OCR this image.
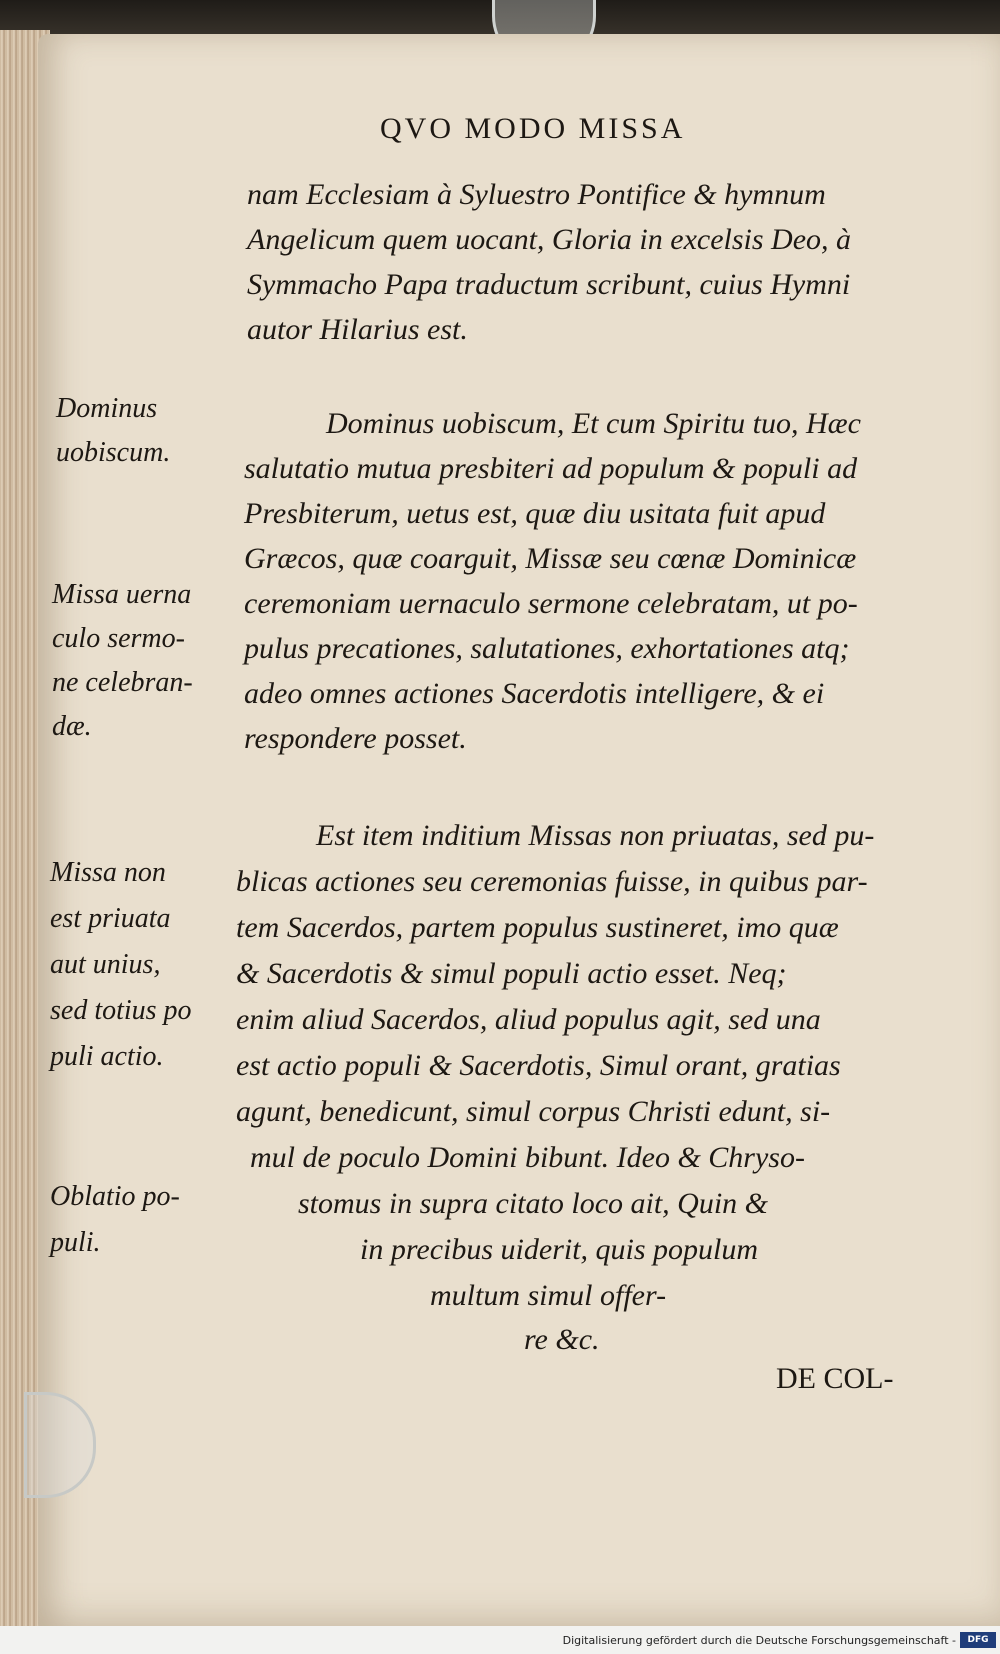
QVO MODO MISSA
nam Ecclesiam à Syluestro Pontifice & hymnum
Angelicum quem uocant, Gloria in excelsis Deo, à
Symmacho Papa traductum scribunt, cuius Hymni
autor Hilarius est.
Dominus uobiscum, Et cum Spiritu tuo, Hæc
salutatio mutua presbiteri ad populum & populi ad
Presbiterum, uetus est, quæ diu usitata fuit apud
Græcos, quæ coarguit, Missæ seu cœnæ Dominicæ
ceremoniam uernaculo sermone celebratam, ut po-
pulus precationes, salutationes, exhortationes atq;
adeo omnes actiones Sacerdotis intelligere, & ei
respondere posset.
Est item inditium Missas non priuatas, sed pu-
blicas actiones seu ceremonias fuisse, in quibus par-
tem Sacerdos, partem populus sustineret, imo quæ
& Sacerdotis & simul populi actio esset. Neq;
enim aliud Sacerdos, aliud populus agit, sed una
est actio populi & Sacerdotis, Simul orant, gratias
agunt, benedicunt, simul corpus Christi edunt, si-
mul de poculo Domini bibunt. Ideo & Chryso-
stomus in supra citato loco ait, Quin &
in precibus uiderit, quis populum
multum simul offer-
re &c.
Dominus
uobiscum.
Missa uerna
culo sermo-
ne celebran-
dæ.
Missa non
est priuata
aut unius,
sed totius po
puli actio.
Oblatio po-
puli.
DE COL-
Digitalisierung gefördert durch die Deutsche Forschungsgemeinschaft -	DFG
